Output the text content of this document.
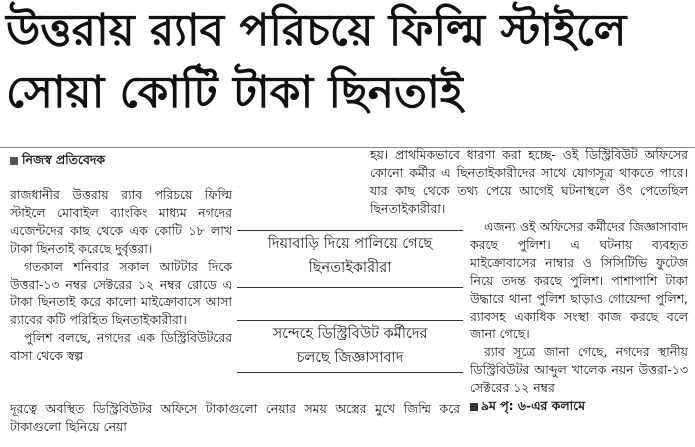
উত্তরায় র‍্যাব পরিচয়ে ফিল্মি স্টাইলে
সোয়া কোটি টাকা ছিনতাই
নিজস্ব প্রতিবেদক

রাজধানীর উত্তরায় র‍্যাব পরিচয়ে ফিল্মি স্টাইলে মোবাইল ব্যাংকিং মাধ্যম নগদের এজেন্টদের কাছ থেকে এক কোটি ১৮ লাখ টাকা ছিনতাই করেছে দুর্বৃত্তরা।

গতকাল শনিবার সকাল আটটার দিকে উত্তরা-১৩ নম্বর সেক্টরের ১২ নম্বর রোডে এ টাকা ছিনতাই করে কালো মাইক্রোবাসে আসা র‍্যাবের কটি পরিহিত ছিনতাইকারীরা।

পুলিশ বলছে, নগদের এক ডিস্ট্রিবিউটরের বাসা থেকে স্বল্প

হয়। প্রাথমিকভাবে ধারণা করা হচ্ছে- ওই ডিস্ট্রিবিউট অফিসের কোনো কর্মীর এ ছিনতাইকারীদের সাথে যোগসূত্র থাকতে পারে। যার কাছ থেকে তথ্য পেয়ে আগেই ঘটনাস্থলে ওঁৎ পেতেছিল ছিনতাইকারীরা।

এজন্য ওই অফিসের কর্মীদের জিজ্ঞাসাবাদ করছে পুলিশ। এ ঘটনায় ব্যবহৃত মাইক্রোবাসের নাম্বার ও সিসিটিভি ফুটেজ নিয়ে তদন্ত করছে পুলিশ। পাশাপাশি টাকা উদ্ধারে থানা পুলিশ ছাড়াও গোয়েন্দা পুলিশ, র‍্যাবসহ একাধিক সংস্থা কাজ করছে বলে জানা গেছে।

র‍্যাব সূত্রে জানা গেছে, নগদের স্থানীয় ডিস্ট্রিবিউটর আব্দুল খালেক নয়ন উত্তরা-১৩ সেক্টরের ১২ নম্বর

৯ম পৃ: ৬-এর কলামে

দূরত্বে অবস্থিত ডিস্ট্রিবিউটর অফিসে টাকাগুলো নেয়ার সময় অস্ত্রের মুখে জিম্মি করে টাকাগুলো ছিনিয়ে নেয়া

দিয়াবাড়ি দিয়ে পালিয়ে গেছে
ছিনতাইকারীরা
সন্দেহে ডিস্ট্রিবিউট কর্মীদের
চলছে জিজ্ঞাসাবাদ
